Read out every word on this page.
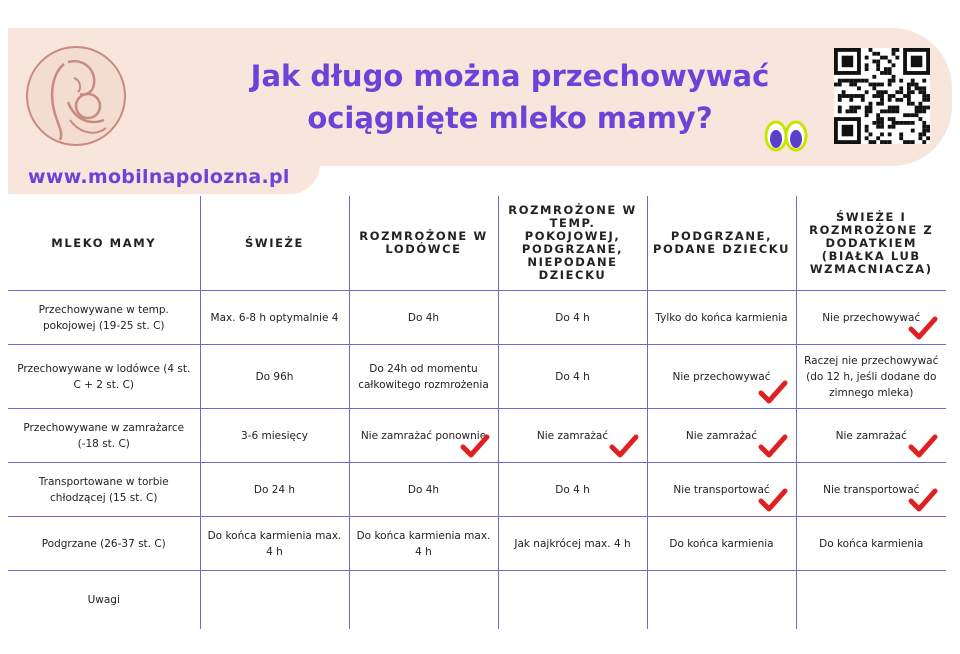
Jak długo można przechowywać
ociągnięte mleko mamy?
www.mobilnapolozna.pl
MLEKO MAMY	ŚWIEŻE	ROZMROŻONE W LODÓWCE	ROZMROŻONE W TEMP. POKOJOWEJ, PODGRZANE, NIEPODANE DZIECKU	PODGRZANE, PODANE DZIECKU	ŚWIEŻE I ROZMROŻONE Z DODATKIEM (BIAŁKA LUB WZMACNIACZA)
Przechowywane w temp. pokojowej (19-25 st. C)	Max. 6-8 h optymalnie 4	Do 4h	Do 4 h	Tylko do końca karmienia	Nie przechowywać

Przechowywane w lodówce (4 st. C + 2 st. C)	Do 96h	Do 24h od momentu całkowitego rozmrożenia	Do 4 h	Nie przechowywać	Raczej nie przechowywać (do 12 h, jeśli dodane do zimnego mleka)
Przechowywane w zamrażarce (-18 st. C)	3-6 miesięcy	Nie zamrażać ponownie	Nie zamrażać	Nie zamrażać	Nie zamrażać

Transportowane w torbie chłodzącej (15 st. C)	Do 24 h	Do 4h	Do 4 h	Nie transportować	Nie transportować

Podgrzane (26-37 st. C)	Do końca karmienia max. 4 h	Do końca karmienia max. 4 h	Jak najkrócej max. 4 h	Do końca karmienia	Do końca karmienia
Uwagi					
